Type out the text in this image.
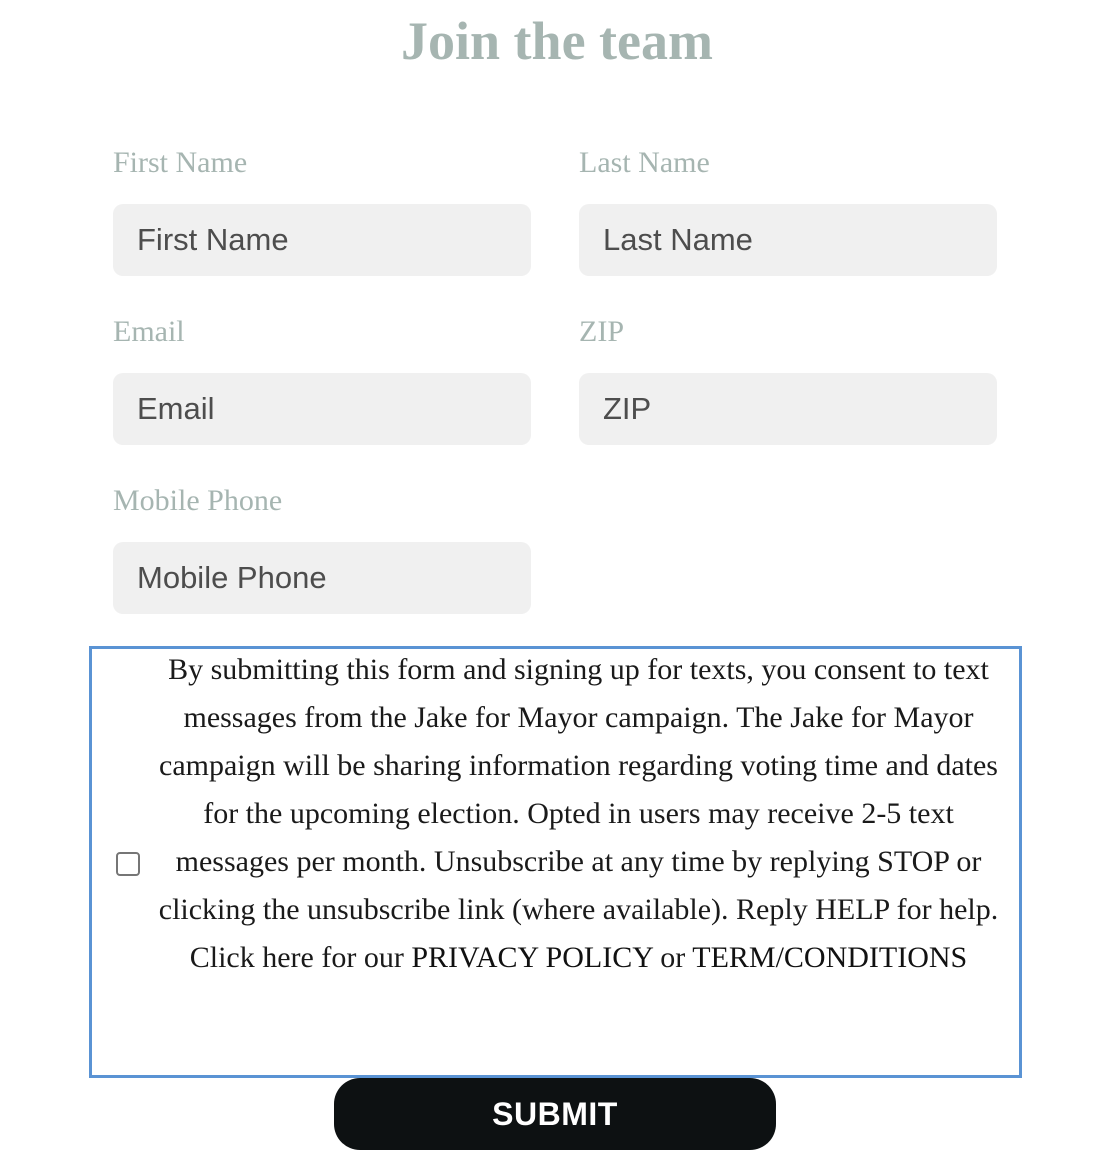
Join the team
First Name
First Name	Last Name
Last Name
Email
Email	ZIP
ZIP
Mobile Phone
Mobile Phone

By submitting this form and signing up for texts, you consent to text messages from the Jake for Mayor campaign. The Jake for Mayor campaign will be sharing information regarding voting time and dates for the upcoming election. Opted in users may receive 2-5 text messages per month. Unsubscribe at any time by replying STOP or clicking the unsubscribe link (where available). Reply HELP for help.

Click here for our PRIVACY POLICY or TERM/CONDITIONS

SUBMIT
